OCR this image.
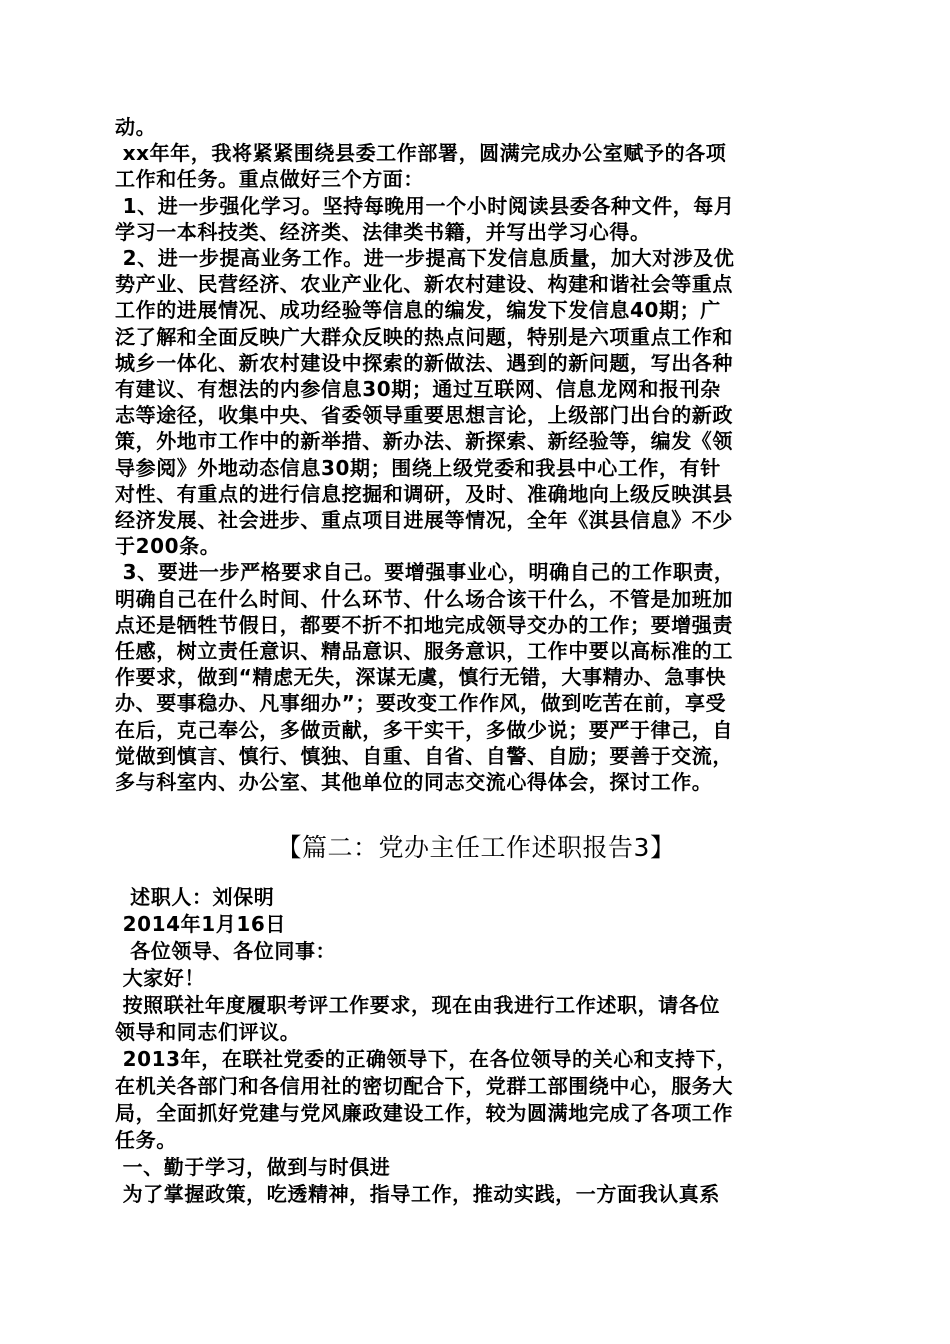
动。

xx年年，我将紧紧围绕县委工作部署，圆满完成办公室赋予的各项

工作和任务。重点做好三个方面：

1、进一步强化学习。坚持每晚用一个小时阅读县委各种文件，每月

学习一本科技类、经济类、法律类书籍，并写出学习心得。

2、进一步提高业务工作。进一步提高下发信息质量，加大对涉及优

势产业、民营经济、农业产业化、新农村建设、构建和谐社会等重点

工作的进展情况、成功经验等信息的编发，编发下发信息40期；广

泛了解和全面反映广大群众反映的热点问题，特别是六项重点工作和

城乡一体化、新农村建设中探索的新做法、遇到的新问题，写出各种

有建议、有想法的内参信息30期；通过互联网、信息龙网和报刊杂

志等途径，收集中央、省委领导重要思想言论，上级部门出台的新政

策，外地市工作中的新举措、新办法、新探索、新经验等，编发《领

导参阅》外地动态信息30期；围绕上级党委和我县中心工作，有针

对性、有重点的进行信息挖掘和调研，及时、准确地向上级反映淇县

经济发展、社会进步、重点项目进展等情况，全年《淇县信息》不少

于200条。

3、要进一步严格要求自己。要增强事业心，明确自己的工作职责，

明确自己在什么时间、什么环节、什么场合该干什么，不管是加班加

点还是牺牲节假日，都要不折不扣地完成领导交办的工作；要增强责

任感，树立责任意识、精品意识、服务意识，工作中要以高标准的工

作要求，做到“精虑无失，深谋无虞，慎行无错，大事精办、急事快

办、要事稳办、凡事细办”；要改变工作作风，做到吃苦在前，享受

在后，克己奉公，多做贡献，多干实干，多做少说；要严于律己，自

觉做到慎言、慎行、慎独、自重、自省、自警、自励；要善于交流，

多与科室内、办公室、其他单位的同志交流心得体会，探讨工作。

【篇二：党办主任工作述职报告3】

述职人：刘保明

2014年1月16日

各位领导、各位同事：

大家好！

按照联社年度履职考评工作要求，现在由我进行工作述职，请各位

领导和同志们评议。

2013年，在联社党委的正确领导下，在各位领导的关心和支持下，

在机关各部门和各信用社的密切配合下，党群工部围绕中心，服务大

局，全面抓好党建与党风廉政建设工作，较为圆满地完成了各项工作

任务。

一、勤于学习，做到与时俱进

为了掌握政策，吃透精神，指导工作，推动实践，一方面我认真系
